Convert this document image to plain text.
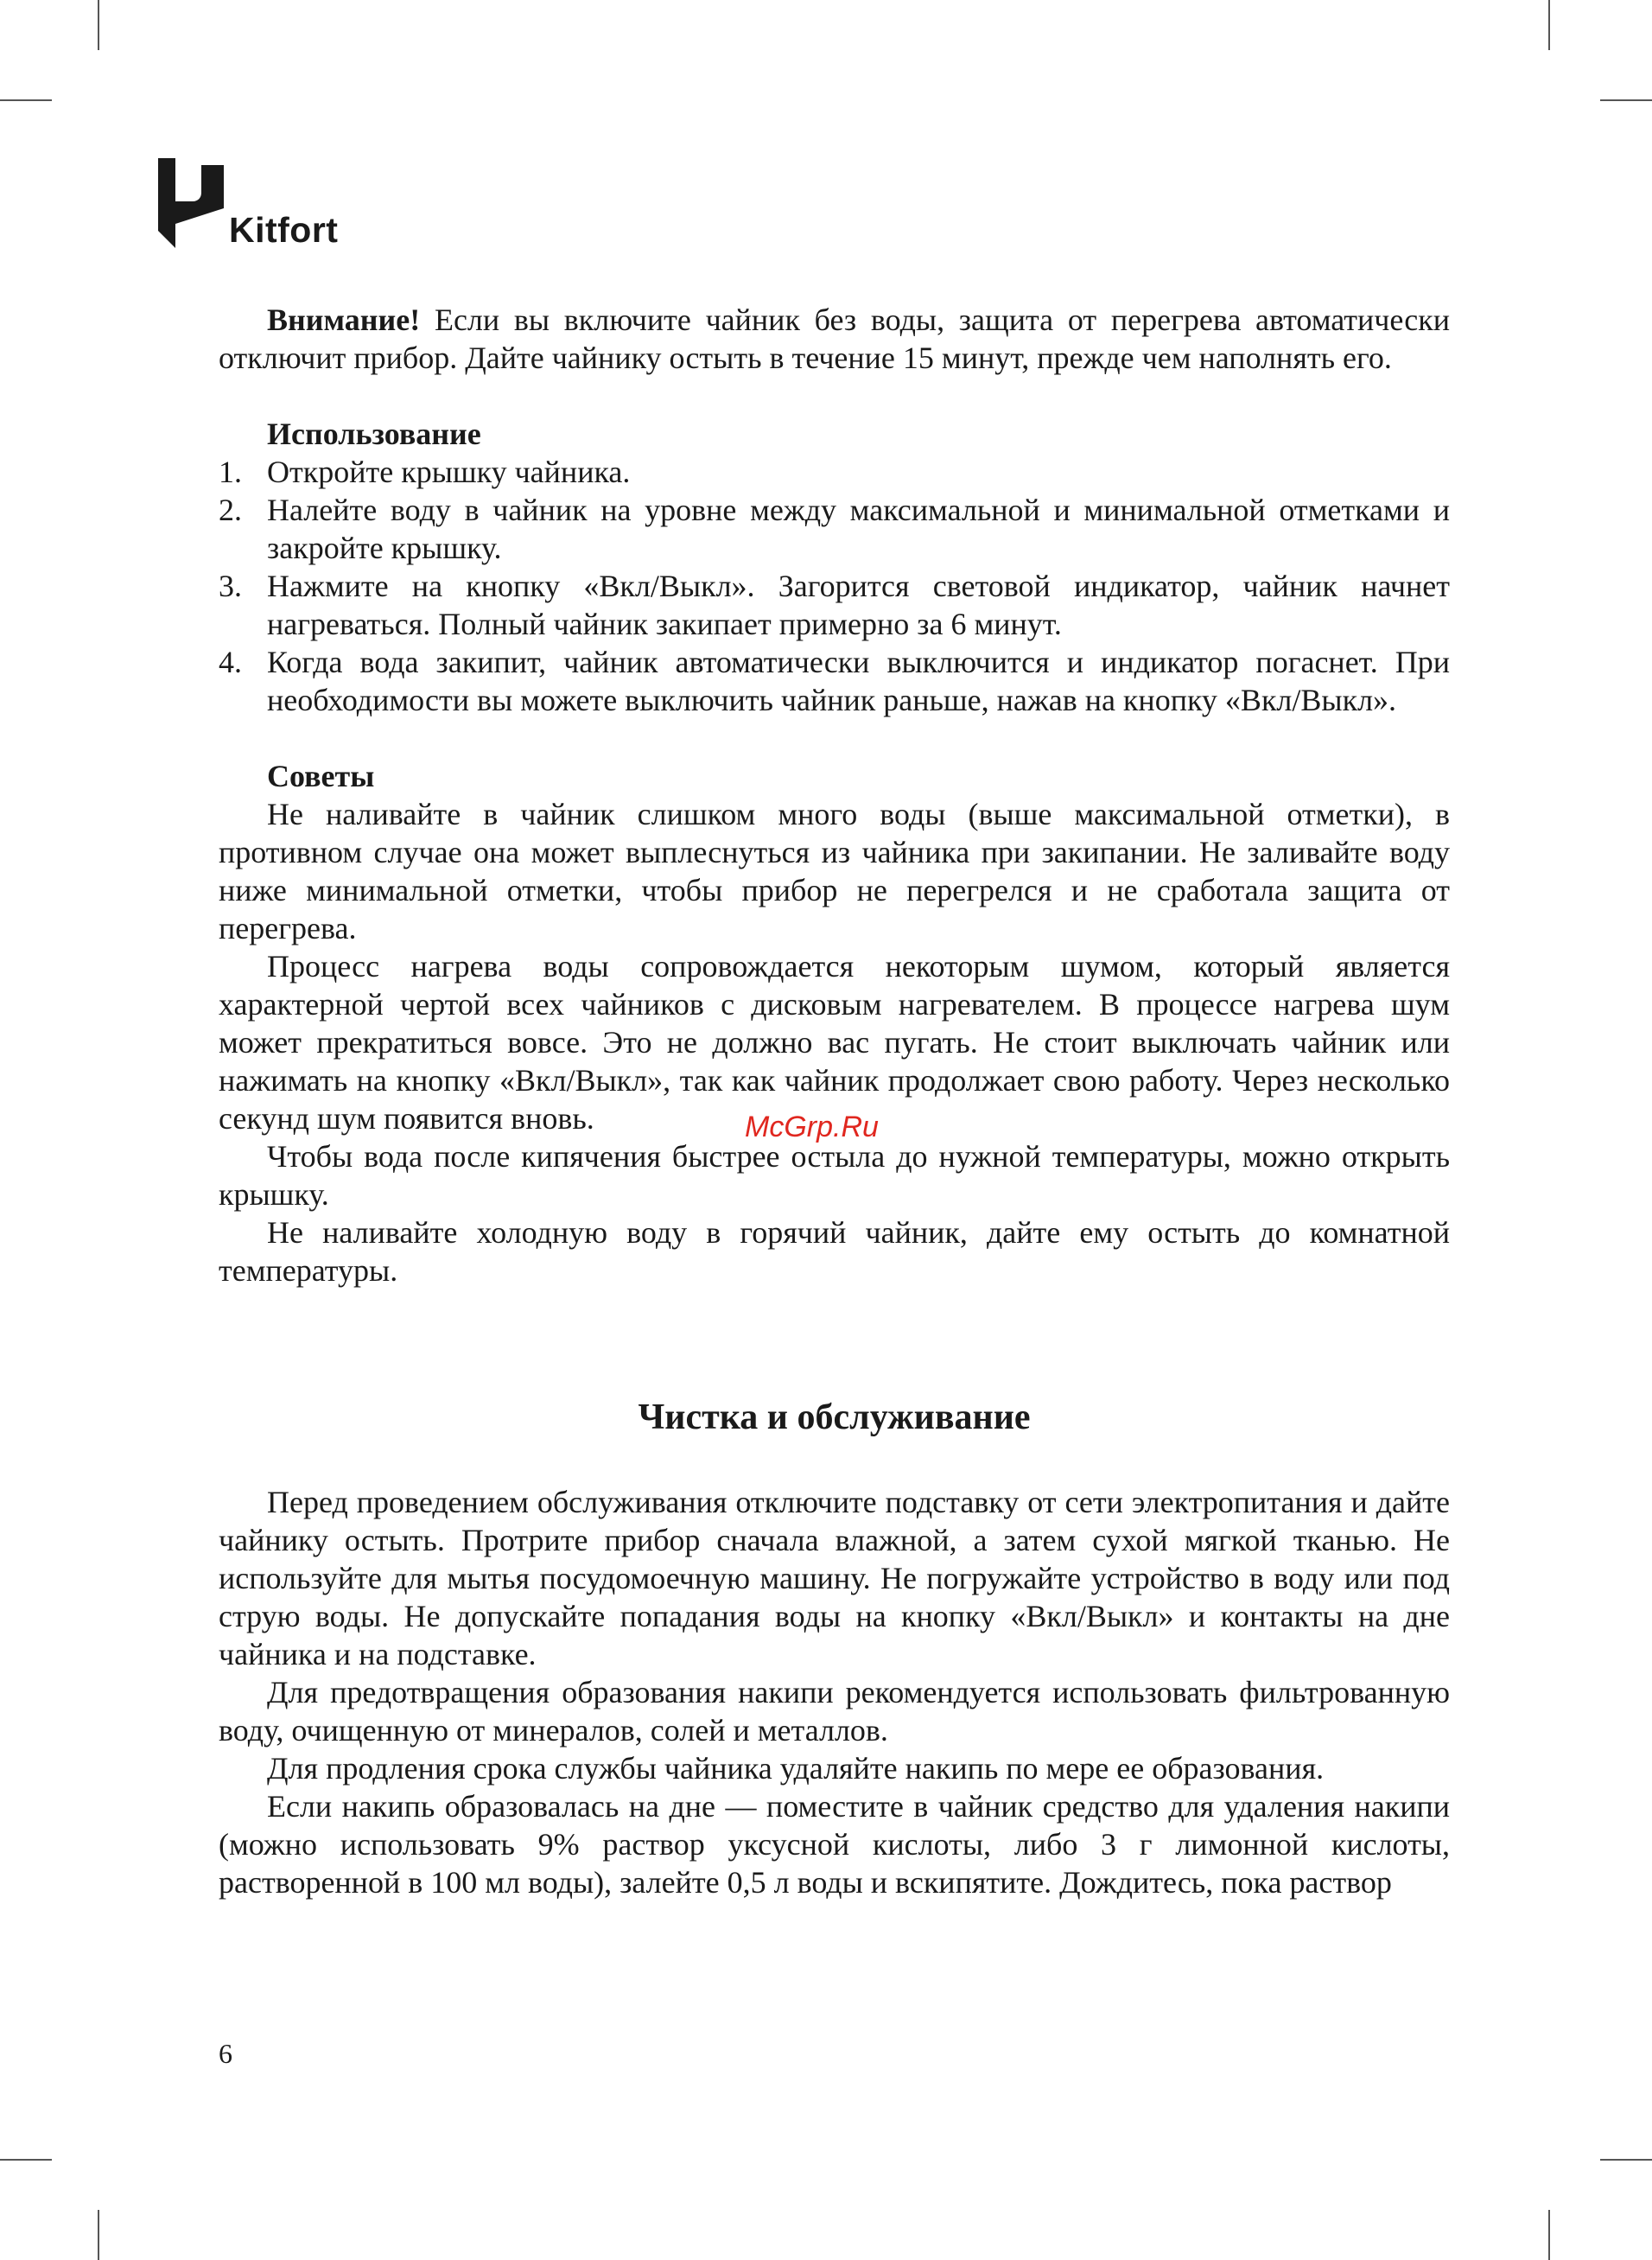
Kitfort
McGrp.Ru

Внимание! Если вы включите чайник без воды, защита от перегрева автоматически отключит прибор. Дайте чайнику остыть в течение 15 минут, прежде чем наполнять его.

Использование

1. Откройте крышку чайника.
2. Налейте воду в чайник на уровне между максимальной и минимальной отметками и закройте крышку.
3. Нажмите на кнопку «Вкл/Выкл». Загорится световой индикатор, чайник начнет нагреваться. Полный чайник закипает примерно за 6 минут.
4. Когда вода закипит, чайник автоматически выключится и индикатор погаснет. При необходимости вы можете выключить чайник раньше, нажав на кнопку «Вкл/Выкл».

Советы

Не наливайте в чайник слишком много воды (выше максимальной отметки), в противном случае она может выплеснуться из чайника при закипании. Не заливайте воду ниже минимальной отметки, чтобы прибор не перегрелся и не сработала защита от перегрева.

Процесс нагрева воды сопровождается некоторым шумом, который является характерной чертой всех чайников с дисковым нагревателем. В процессе нагрева шум может прекратиться вовсе. Это не должно вас пугать. Не стоит выключать чайник или нажимать на кнопку «Вкл/Выкл», так как чайник продолжает свою работу. Через несколько секунд шум появится вновь.

Чтобы вода после кипячения быстрее остыла до нужной температуры, можно открыть крышку.

Не наливайте холодную воду в горячий чайник, дайте ему остыть до комнатной температуры.

Чистка и обслуживание

Перед проведением обслуживания отключите подставку от сети электропитания и дайте чайнику остыть. Протрите прибор сначала влажной, а затем сухой мягкой тканью. Не используйте для мытья посудомоечную машину. Не погружайте устройство в воду или под струю воды. Не допускайте попадания воды на кнопку «Вкл/Выкл» и контакты на дне чайника и на подставке.

Для предотвращения образования накипи рекомендуется использовать фильтрованную воду, очищенную от минералов, солей и металлов.

Для продления срока службы чайника удаляйте накипь по мере ее образования.

Если накипь образовалась на дне — поместите в чайник средство для удаления накипи (можно использовать 9% раствор уксусной кислоты, либо 3 г лимонной кислоты, растворенной в 100 мл воды), залейте 0,5 л воды и вскипятите. Дождитесь, пока раствор

6
